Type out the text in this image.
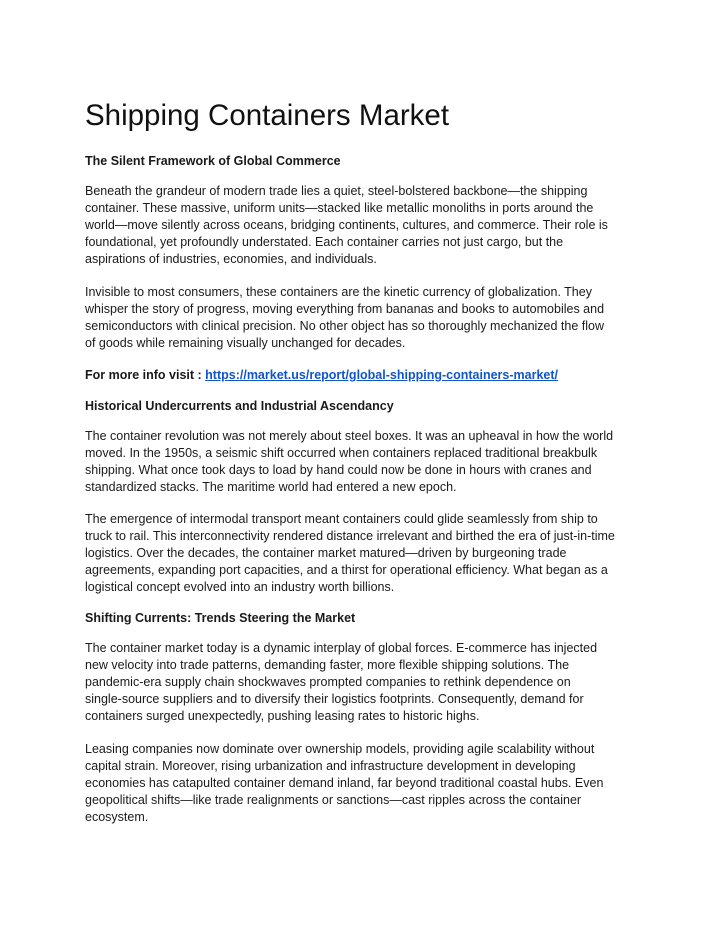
Shipping Containers Market
The Silent Framework of Global Commerce

Beneath the grandeur of modern trade lies a quiet, steel-bolstered backbone—the shipping
container. These massive, uniform units—stacked like metallic monoliths in ports around the
world—move silently across oceans, bridging continents, cultures, and commerce. Their role is
foundational, yet profoundly understated. Each container carries not just cargo, but the
aspirations of industries, economies, and individuals.

Invisible to most consumers, these containers are the kinetic currency of globalization. They
whisper the story of progress, moving everything from bananas and books to automobiles and
semiconductors with clinical precision. No other object has so thoroughly mechanized the flow
of goods while remaining visually unchanged for decades.

For more info visit : https://market.us/report/global-shipping-containers-market/
Historical Undercurrents and Industrial Ascendancy

The container revolution was not merely about steel boxes. It was an upheaval in how the world
moved. In the 1950s, a seismic shift occurred when containers replaced traditional breakbulk
shipping. What once took days to load by hand could now be done in hours with cranes and
standardized stacks. The maritime world had entered a new epoch.

The emergence of intermodal transport meant containers could glide seamlessly from ship to
truck to rail. This interconnectivity rendered distance irrelevant and birthed the era of just-in-time
logistics. Over the decades, the container market matured—driven by burgeoning trade
agreements, expanding port capacities, and a thirst for operational efficiency. What began as a
logistical concept evolved into an industry worth billions.

Shifting Currents: Trends Steering the Market

The container market today is a dynamic interplay of global forces. E-commerce has injected
new velocity into trade patterns, demanding faster, more flexible shipping solutions. The
pandemic-era supply chain shockwaves prompted companies to rethink dependence on
single-source suppliers and to diversify their logistics footprints. Consequently, demand for
containers surged unexpectedly, pushing leasing rates to historic highs.

Leasing companies now dominate over ownership models, providing agile scalability without
capital strain. Moreover, rising urbanization and infrastructure development in developing
economies has catapulted container demand inland, far beyond traditional coastal hubs. Even
geopolitical shifts—like trade realignments or sanctions—cast ripples across the container
ecosystem.
